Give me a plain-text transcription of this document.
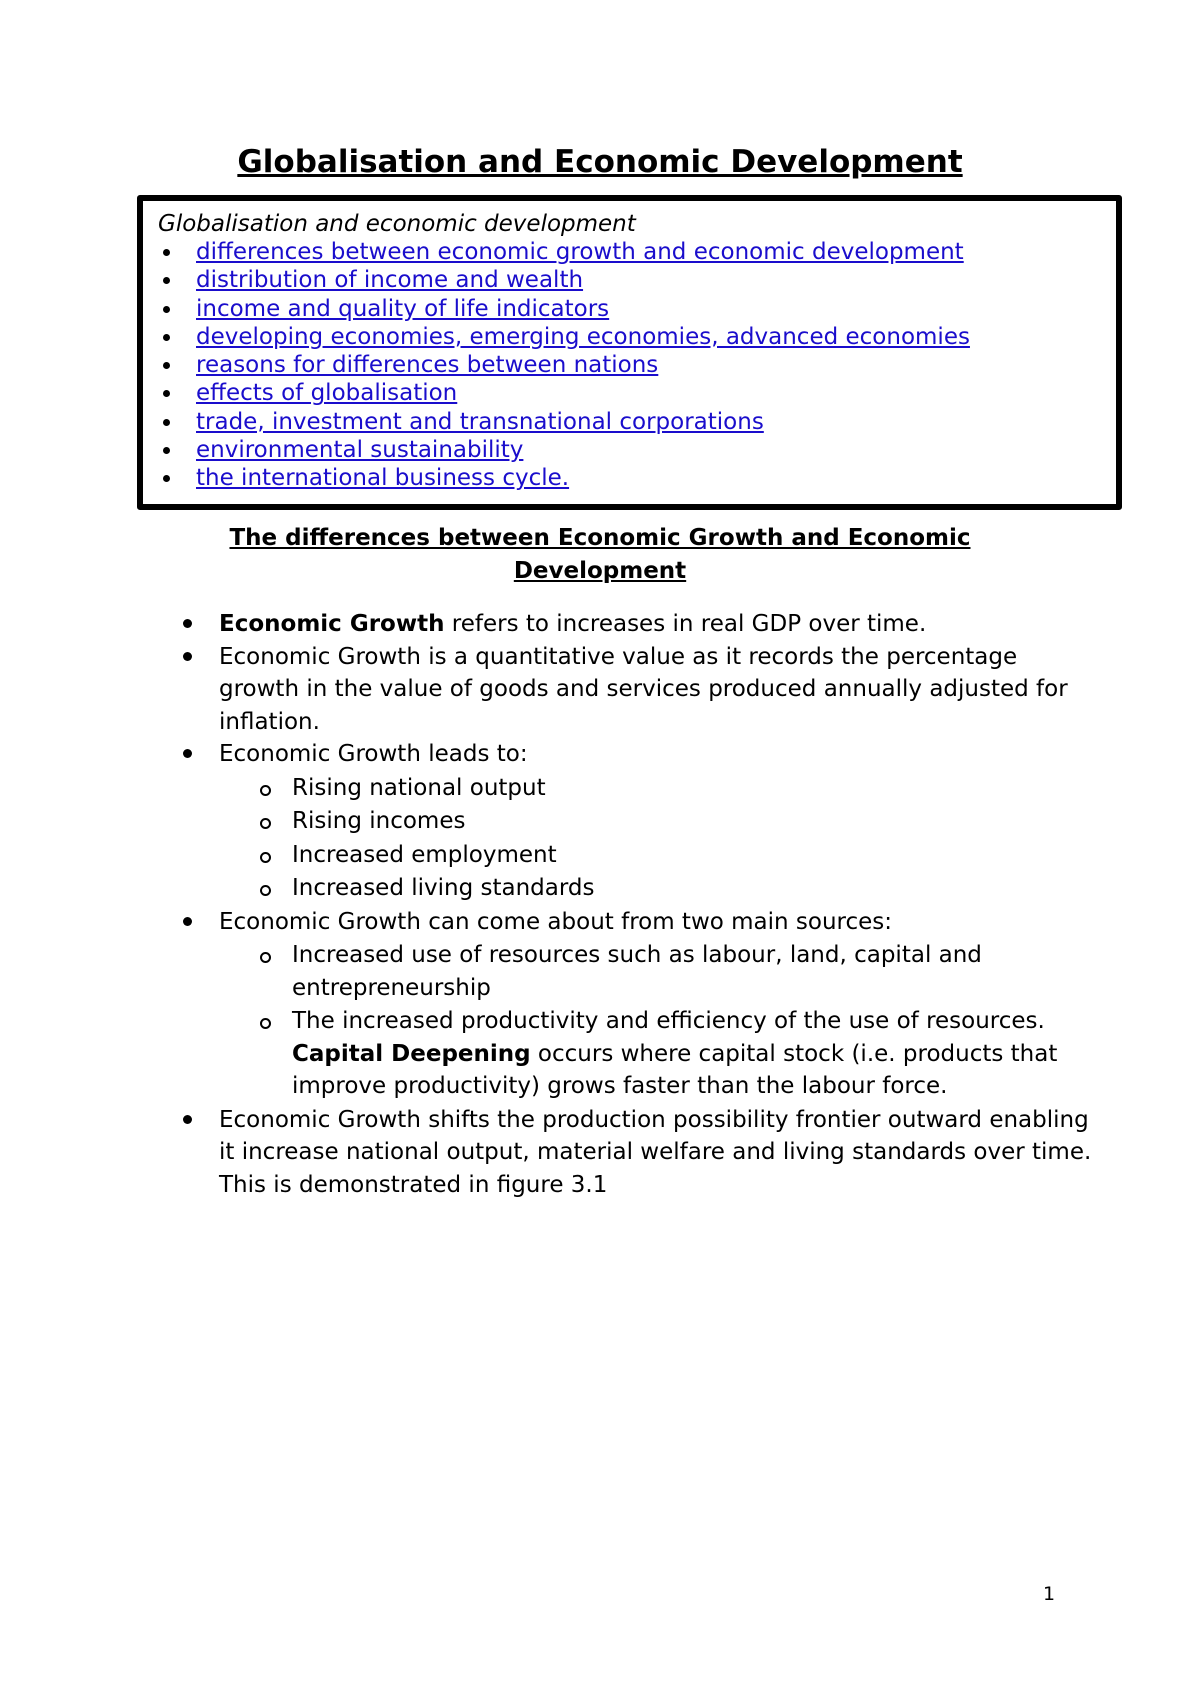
Globalisation and Economic Development

Globalisation and economic development

differences between economic growth and economic development
distribution of income and wealth
income and quality of life indicators
developing economies, emerging economies, advanced economies
reasons for differences between nations
effects of globalisation
trade, investment and transnational corporations
environmental sustainability
the international business cycle.
The differences between Economic Growth and Economic
Development
Economic Growth refers to increases in real GDP over time.
Economic Growth is a quantitative value as it records the percentage growth in the value of goods and services produced annually adjusted for inflation.
Economic Growth leads to:
Rising national output
Rising incomes
Increased employment
Increased living standards
Economic Growth can come about from two main sources:
Increased use of resources such as labour, land, capital and entrepreneurship
The increased productivity and efficiency of the use of resources. Capital Deepening occurs where capital stock (i.e. products that improve productivity) grows faster than the labour force.
Economic Growth shifts the production possibility frontier outward enabling it increase national output, material welfare and living standards over time. This is demonstrated in figure 3.1
1
